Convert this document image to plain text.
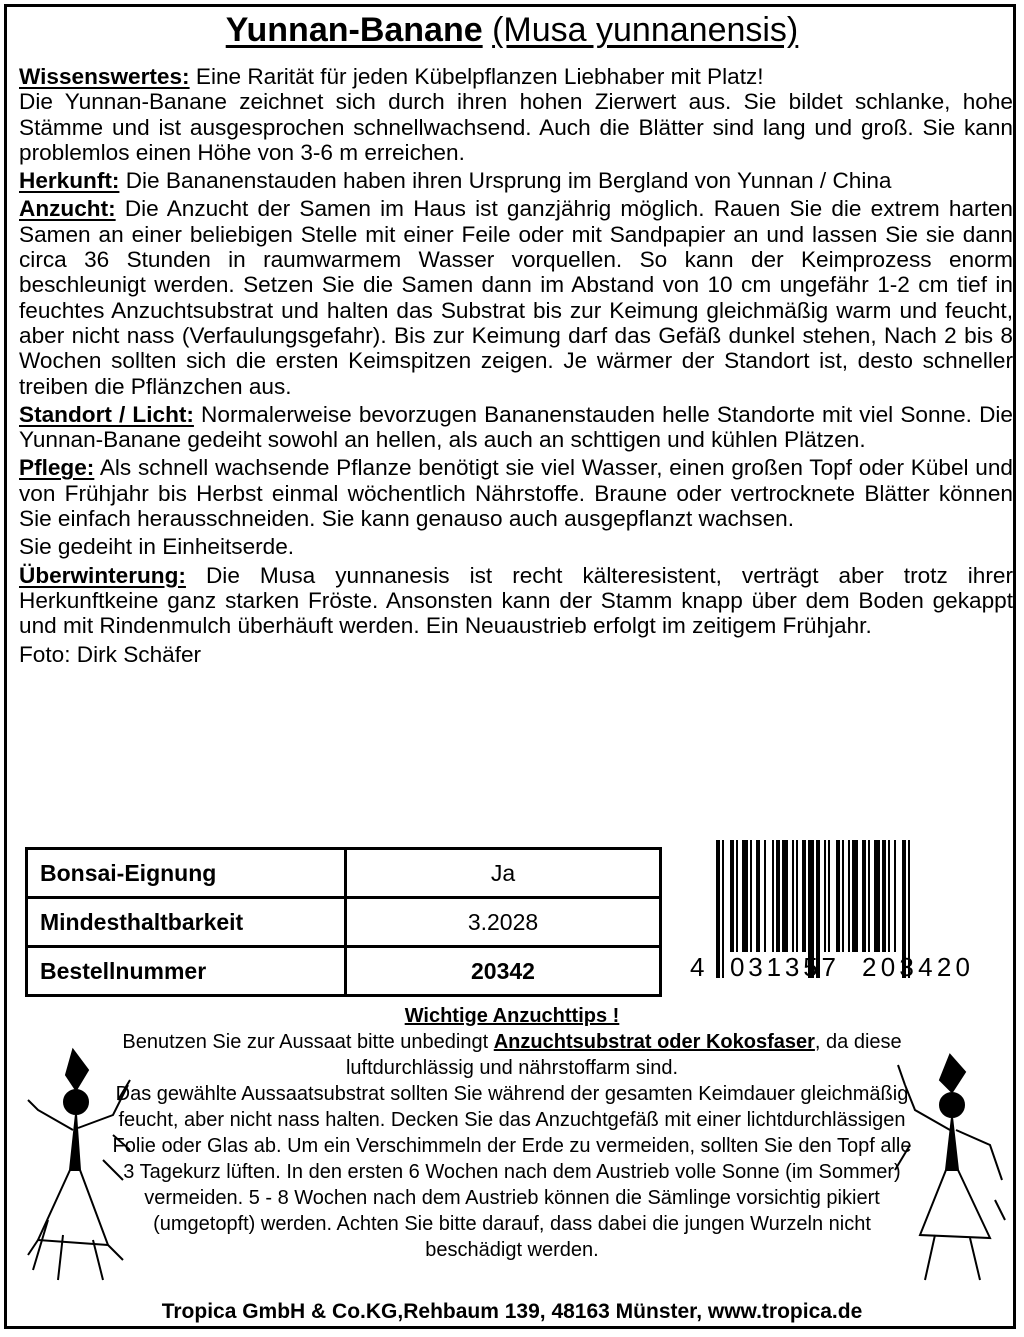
Yunnan-Banane (Musa yunnanensis)

Wissenswertes: Eine Rarität für jeden Kübelpflanzen Liebhaber mit Platz!

Die Yunnan-Banane zeichnet sich durch ihren hohen Zierwert aus. Sie bildet schlanke, hohe Stämme und ist ausgesprochen schnellwachsend. Auch die Blätter sind lang und groß. Sie kann problemlos einen Höhe von 3-6 m erreichen.

Herkunft: Die Bananenstauden haben ihren Ursprung im Bergland von Yunnan / China

Anzucht: Die Anzucht der Samen im Haus ist ganzjährig möglich. Rauen Sie die extrem harten Samen an einer beliebigen Stelle mit einer Feile oder mit Sandpapier an und lassen Sie sie dann circa 36 Stunden in raumwarmem Wasser vorquellen. So kann der Keimprozess enorm beschleunigt werden. Setzen Sie die Samen dann im Abstand von 10 cm ungefähr 1-2 cm tief in feuchtes Anzuchtsubstrat und halten das Substrat bis zur Keimung gleichmäßig warm und feucht, aber nicht nass (Verfaulungsgefahr). Bis zur Keimung darf das Gefäß dunkel stehen, Nach 2 bis 8 Wochen sollten sich die ersten Keimspitzen zeigen. Je wärmer der Standort ist, desto schneller treiben die Pflänzchen aus.

Standort / Licht: Normalerweise bevorzugen Bananenstauden helle Standorte mit viel Sonne. Die Yunnan-Banane gedeiht sowohl an hellen, als auch an schttigen und kühlen Plätzen.

Pflege: Als schnell wachsende Pflanze benötigt sie viel Wasser, einen großen Topf oder Kübel und von Frühjahr bis Herbst einmal wöchentlich Nährstoffe. Braune oder vertrocknete Blätter können Sie einfach herausschneiden. Sie kann genauso auch ausgepflanzt wachsen.

Sie gedeiht in Einheitserde.

Überwinterung: Die Musa yunnanesis ist recht kälteresistent, verträgt aber trotz ihrer Herkunftkeine ganz starken Fröste. Ansonsten kann der Stamm knapp über dem Boden gekappt und mit Rindenmulch überhäuft werden. Ein Neuaustrieb erfolgt im zeitigem Frühjahr.

Foto: Dirk Schäfer
Bonsai-Eignung	Ja
Mindesthaltbarkeit	3.2028
Bestellnummer	20342	4 031357 203420

Wichtige Anzuchttips !

Benutzen Sie zur Aussaat bitte unbedingt Anzuchtsubstrat oder Kokosfaser, da diese luftdurchlässig und nährstoffarm sind.

Das gewählte Aussaatsubstrat sollten Sie während der gesamten Keimdauer gleichmäßig feucht, aber nicht nass halten. Decken Sie das Anzuchtgefäß mit einer lichtdurchlässigen Folie oder Glas ab. Um ein Verschimmeln der Erde zu vermeiden, sollten Sie den Topf alle 3 Tagekurz lüften. In den ersten 6 Wochen nach dem Austrieb volle Sonne (im Sommer) vermeiden. 5 - 8 Wochen nach dem Austrieb können die Sämlinge vorsichtig pikiert (umgetopft) werden. Achten Sie bitte darauf, dass dabei die jungen Wurzeln nicht beschädigt werden.

Tropica GmbH & Co.KG,Rehbaum 139, 48163 Münster, www.tropica.de
